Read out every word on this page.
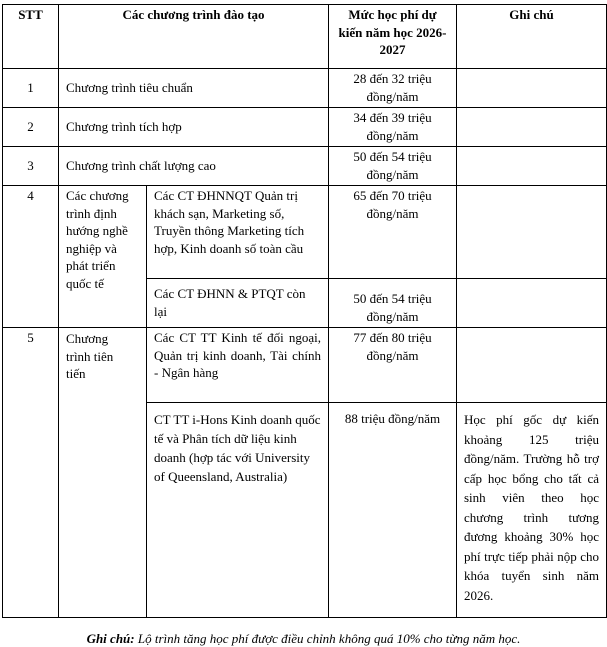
STT	Các chương trình đào tạo		Mức học phí dự kiến năm học 2026-2027	Ghi chú
1	Chương trình tiêu chuẩn		28 đến 32 triệu đồng/năm	
2	Chương trình tích hợp		34 đến 39 triệu đồng/năm	
3	Chương trình chất lượng cao		50 đến 54 triệu đồng/năm	
4	Các chương trình định hướng nghề nghiệp và phát triển quốc tế	Các CT ĐHNNQT Quản trị khách sạn, Marketing số, Truyền thông Marketing tích hợp, Kinh doanh số toàn cầu	65 đến 70 triệu đồng/năm	
		Các CT ĐHNN & PTQT còn lại	50 đến 54 triệu đồng/năm	
5	Chương trình tiên tiến	Các CT TT Kinh tế đối ngoại, Quản trị kinh doanh, Tài chính - Ngân hàng	77 đến 80 triệu đồng/năm	
		CT TT i-Hons Kinh doanh quốc tế và Phân tích dữ liệu kinh doanh (hợp tác với University of Queensland, Australia)	88 triệu đồng/năm	Học phí gốc dự kiến khoảng 125 triệu đồng/năm. Trường hỗ trợ cấp học bổng cho tất cả sinh viên theo học chương trình tương đương khoảng 30% học phí trực tiếp phải nộp cho khóa tuyển sinh năm 2026.
Ghi chú: Lộ trình tăng học phí được điều chỉnh không quá 10% cho từng năm học.
